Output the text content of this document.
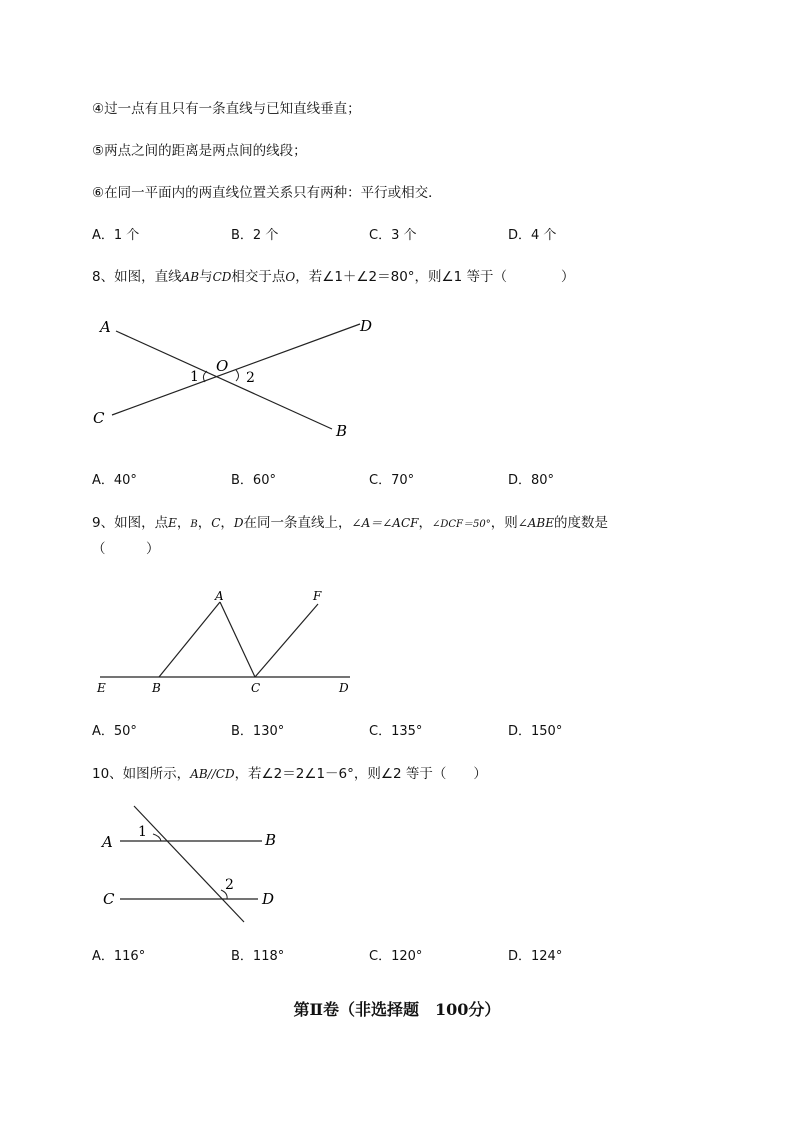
④过一点有且只有一条直线与已知直线垂直；
⑤两点之间的距离是两点间的线段；
⑥在同一平面内的两直线位置关系只有两种：平行或相交．
A．1 个	B．2 个	C．3 个	D．4 个
8、如图，直线AB与CD相交于点O，若∠1＋∠2＝80°，则∠1 等于（　　　　）
A	D
O
1	2
C
B
A．40°	B．60°	C．70°	D．80°
9、如图，点E，B，C，D在同一条直线上，∠A＝∠ACF，∠DCF＝50°，则∠ABE的度数是
（　　　）
A	F
E	B	C	D
A．50°	B．130°	C．135°	D．150°
10、如图所示，AB//CD，若∠2＝2∠1－6°，则∠2 等于（　　）
A
1	B
C
2
D
A．116°	B．118°	C．120°	D．124°
第Ⅱ卷（非选择题　100分）
